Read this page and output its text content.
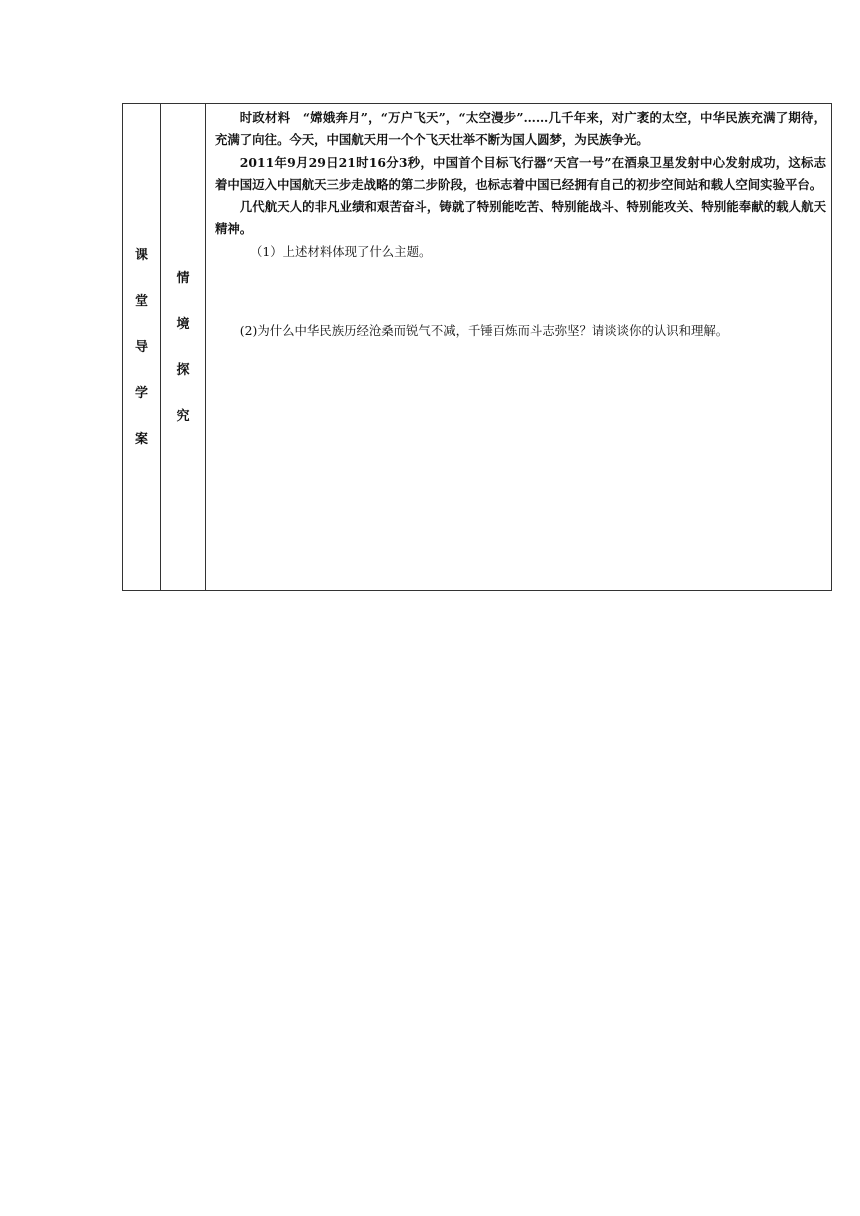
课
堂
导
学
案
情
境
探
究

时政材料　“嫦娥奔月”，“万户飞天”，“太空漫步”……几千年来，对广袤的太空，中华民族充满了期待，充满了向往。今天，中国航天用一个个飞天壮举不断为国人圆梦，为民族争光。

2011年9月29日21时16分3秒，中国首个目标飞行器“天宫一号”在酒泉卫星发射中心发射成功，这标志着中国迈入中国航天三步走战略的第二步阶段，也标志着中国已经拥有自己的初步空间站和载人空间实验平台。

几代航天人的非凡业绩和艰苦奋斗，铸就了特别能吃苦、特别能战斗、特别能攻关、特别能奉献的载人航天精神。

（1）上述材料体现了什么主题。

(2)为什么中华民族历经沧桑而锐气不减，千锤百炼而斗志弥坚？请谈谈你的认识和理解。
